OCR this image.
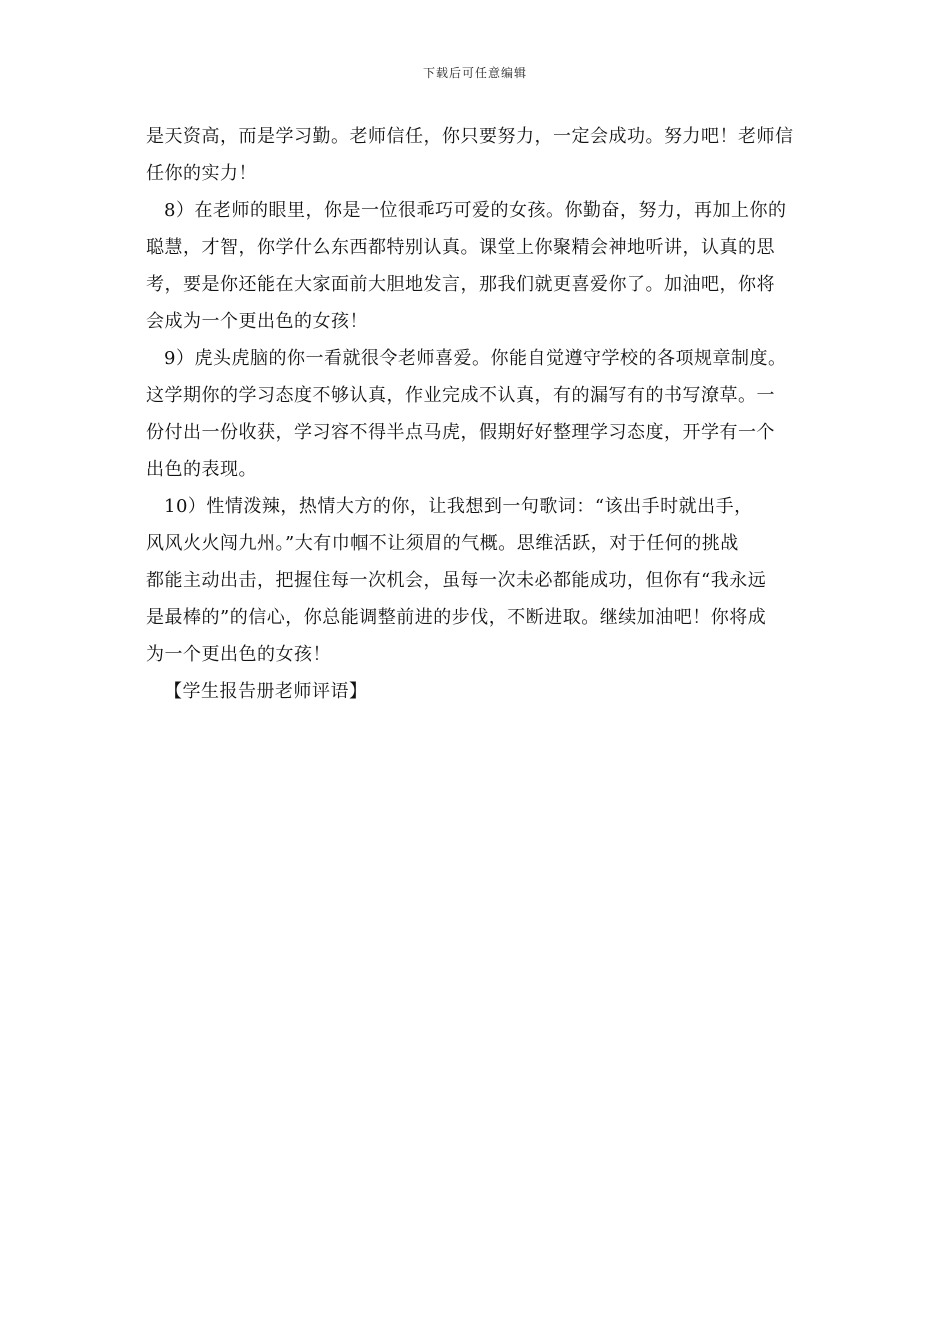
下载后可任意编辑
是天资高，而是学习勤。老师信任，你只要努力，一定会成功。努力吧！老师信
任你的实力！
8）在老师的眼里，你是一位很乖巧可爱的女孩。你勤奋，努力，再加上你的
聪慧，才智，你学什么东西都特别认真。课堂上你聚精会神地听讲，认真的思
考，要是你还能在大家面前大胆地发言，那我们就更喜爱你了。加油吧，你将
会成为一个更出色的女孩！
9）虎头虎脑的你一看就很令老师喜爱。你能自觉遵守学校的各项规章制度。
这学期你的学习态度不够认真，作业完成不认真，有的漏写有的书写潦草。一
份付出一份收获，学习容不得半点马虎，假期好好整理学习态度，开学有一个
出色的表现。
10）性情泼辣，热情大方的你，让我想到一句歌词：“该出手时就出手，
风风火火闯九州。”大有巾帼不让须眉的气概。思维活跃，对于任何的挑战
都能主动出击，把握住每一次机会，虽每一次未必都能成功，但你有“我永远
是最棒的”的信心，你总能调整前进的步伐，不断进取。继续加油吧！你将成
为一个更出色的女孩！
【学生报告册老师评语】
